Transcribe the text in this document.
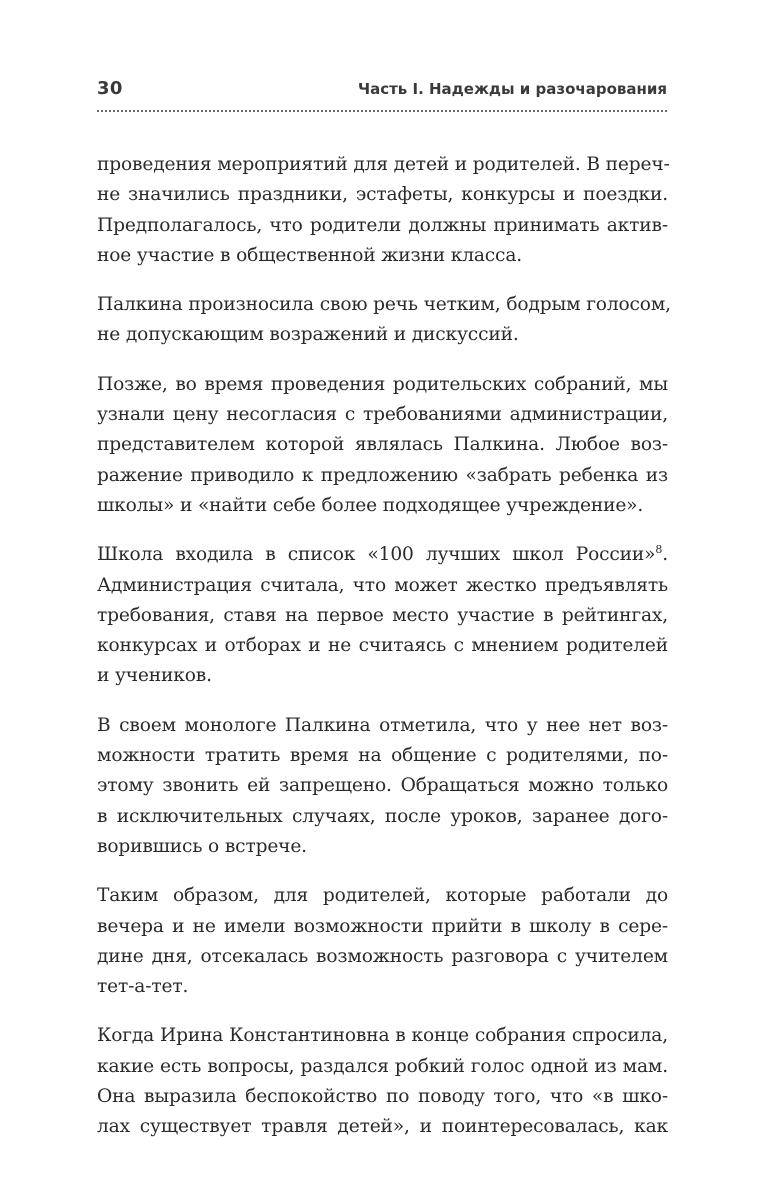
30	Часть I. Надежды и разочарования

проведения мероприятий для детей и родителей. В переч-
не значились праздники, эстафеты, конкурсы и поездки.
Предполагалось, что родители должны принимать актив-
ное участие в общественной жизни класса.

Палкина произносила свою речь четким, бодрым голосом,
не допускающим возражений и дискуссий.

Позже, во время проведения родительских собраний, мы
узнали цену несогласия с требованиями администрации,
представителем которой являлась Палкина. Любое воз-
ражение приводило к предложению «забрать ребенка из
школы» и «найти себе более подходящее учреждение».

Школа входила в список «100 лучших школ России»$^8$.
Администрация считала, что может жестко предъявлять
требования, ставя на первое место участие в рейтингах,
конкурсах и отборах и не считаясь с мнением родителей
и учеников.

В своем монологе Палкина отметила, что у нее нет воз-
можности тратить время на общение с родителями, по-
этому звонить ей запрещено. Обращаться можно только
в исключительных случаях, после уроков, заранее дого-
ворившись о встрече.

Таким образом, для родителей, которые работали до
вечера и не имели возможности прийти в школу в сере-
дине дня, отсекалась возможность разговора с учителем
тет-а-тет.

Когда Ирина Константиновна в конце собрания спросила,
какие есть вопросы, раздался робкий голос одной из мам.
Она выразила беспокойство по поводу того, что «в шко-
лах существует травля детей», и поинтересовалась, как
